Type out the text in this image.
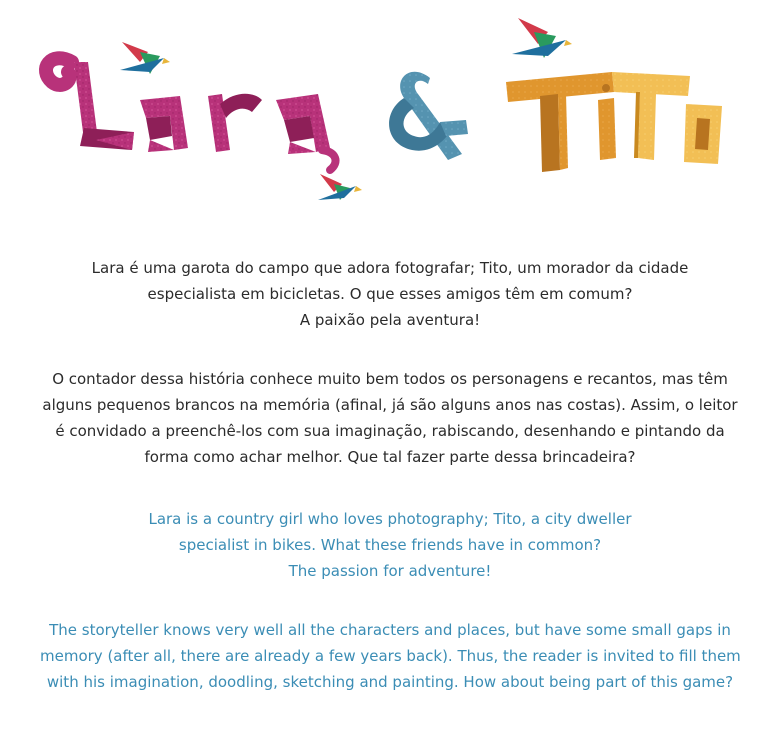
Lara é uma garota do campo que adora fotografar; Tito, um morador da cidade
especialista em bicicletas. O que esses amigos têm em comum?
A paixão pela aventura!

O contador dessa história conhece muito bem todos os personagens e recantos, mas têm
alguns pequenos brancos na memória (afinal, já são alguns anos nas costas). Assim, o leitor
é convidado a preenchê-los com sua imaginação, rabiscando, desenhando e pintando da
forma como achar melhor. Que tal fazer parte dessa brincadeira?

Lara is a country girl who loves photography; Tito, a city dweller
specialist in bikes. What these friends have in common?
The passion for adventure!

The storyteller knows very well all the characters and places, but have some small gaps in
memory (after all, there are already a few years back). Thus, the reader is invited to fill them
with his imagination, doodling, sketching and painting. How about being part of this game?
